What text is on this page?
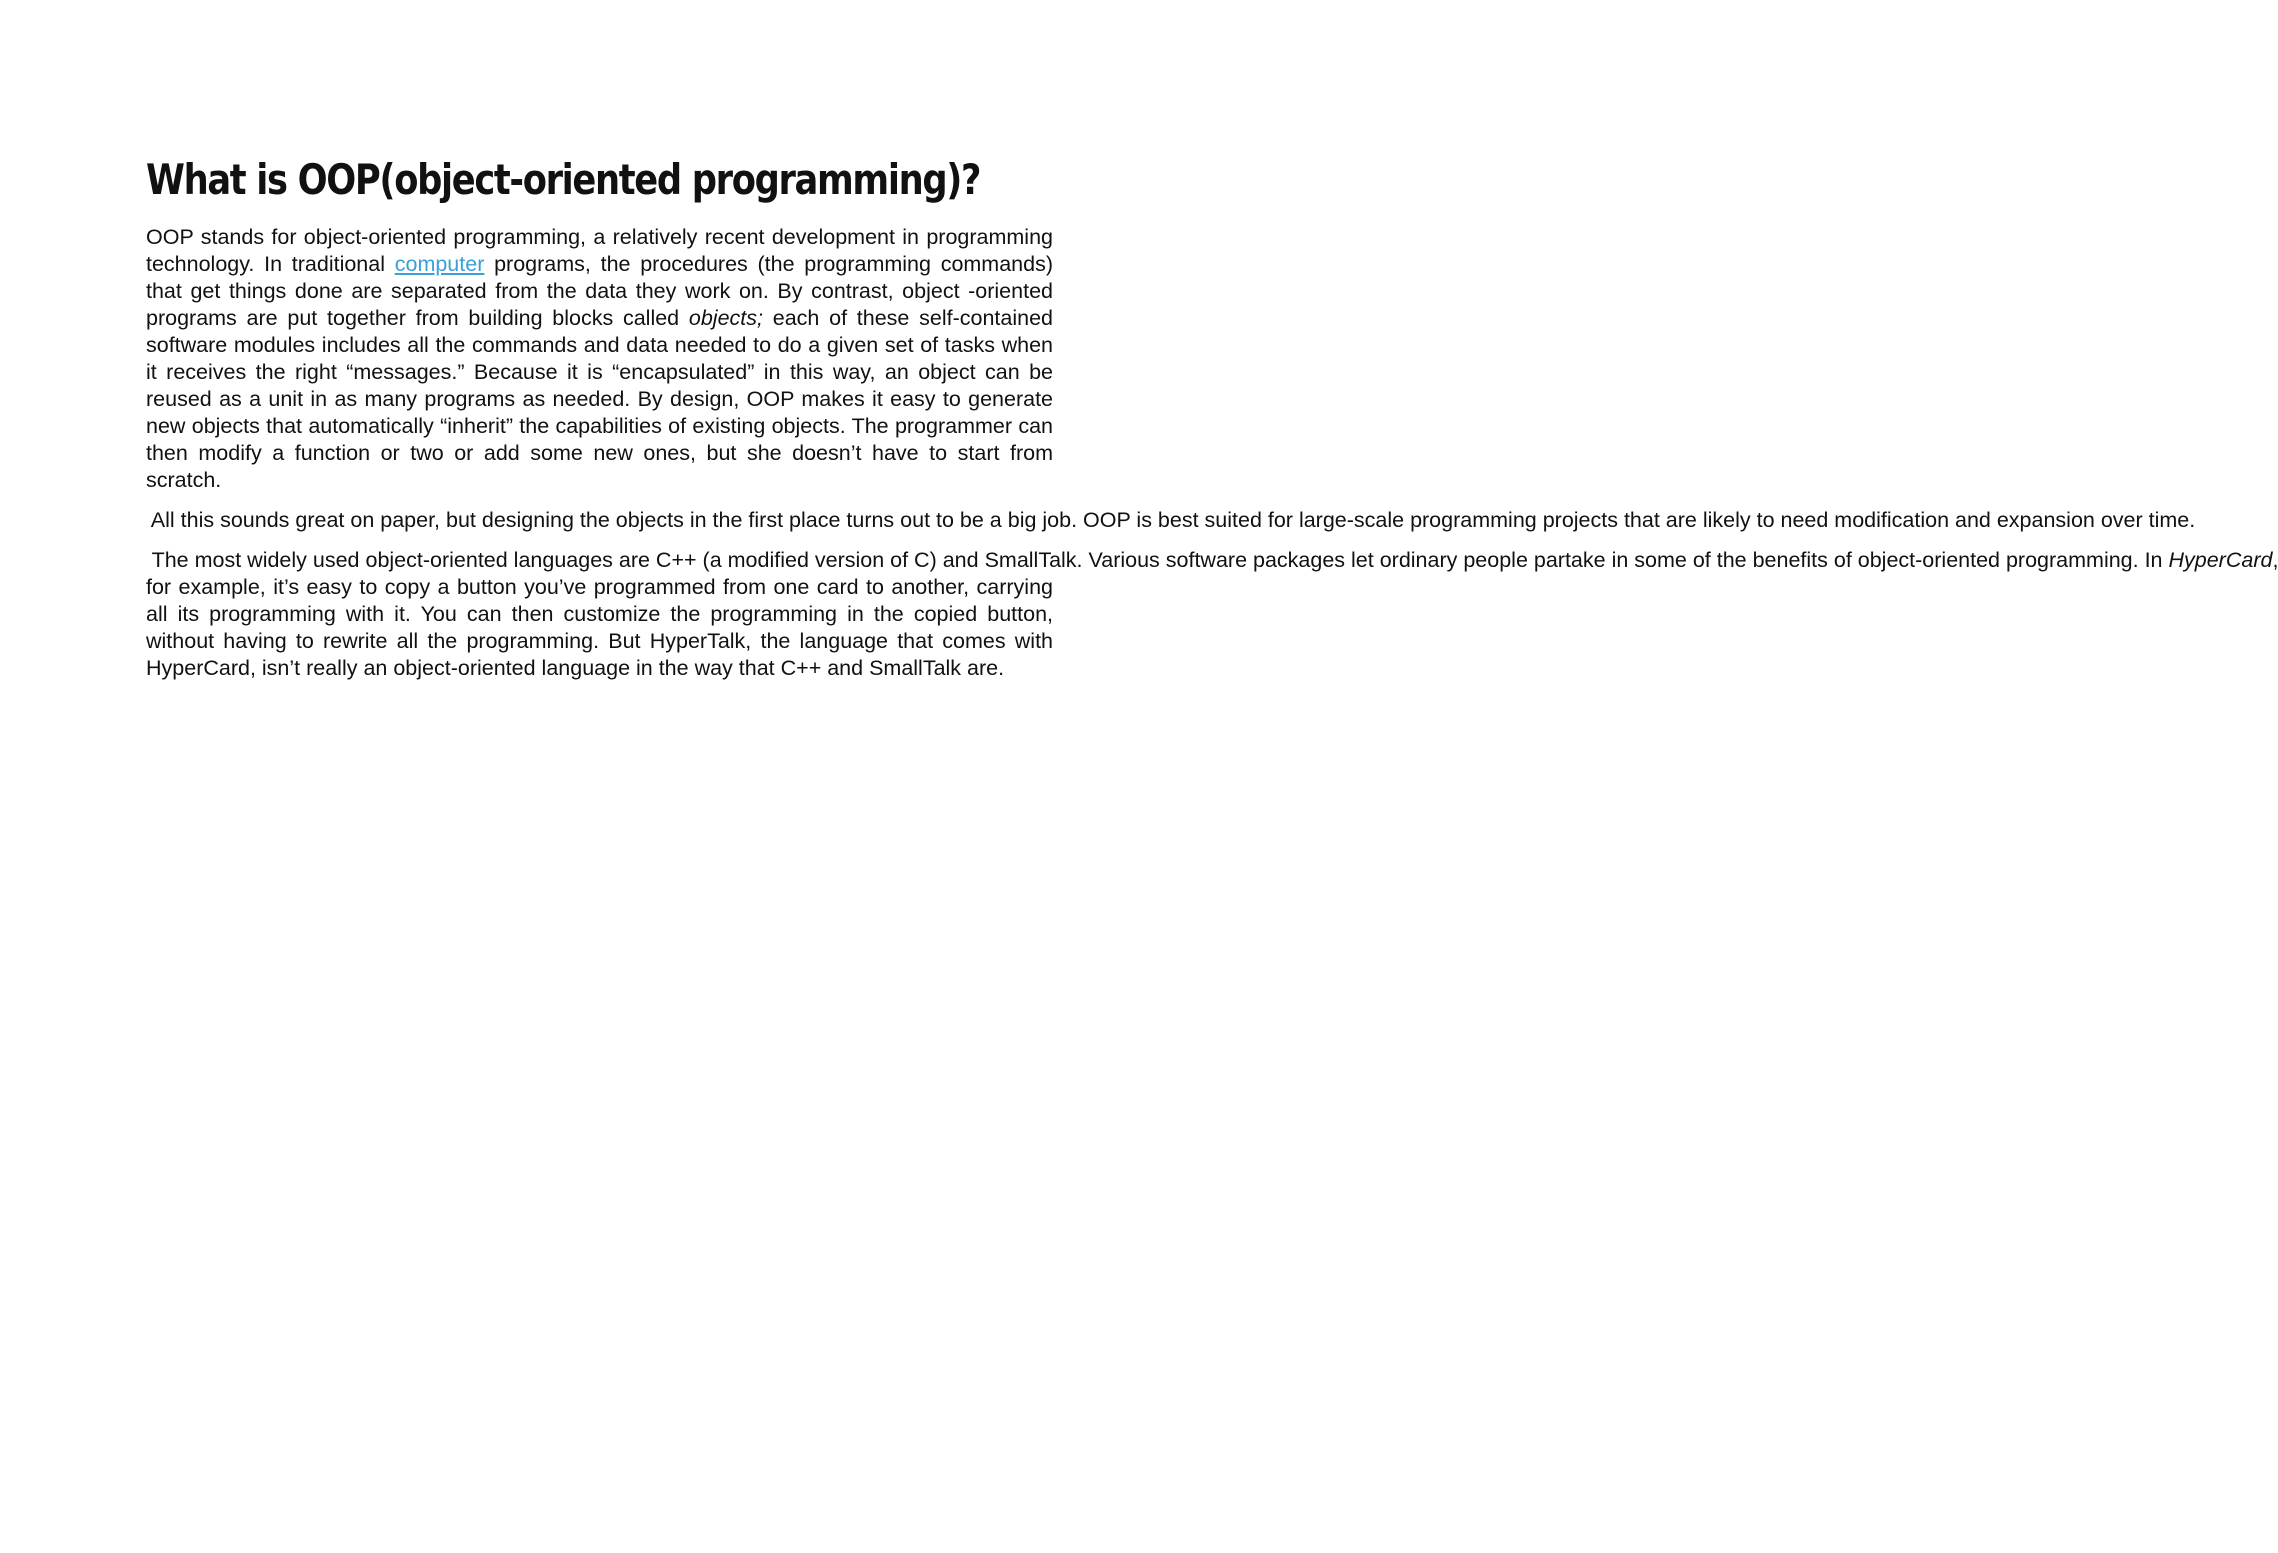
What is OOP(object-oriented programming)?

OOP stands for object-oriented programming, a relatively recent development in programming technology. In traditional computer programs, the procedures (the programming commands) that get things done are separated from the data they work on. By contrast, object -oriented programs are put together from building blocks called objects; each of these self-contained software modules includes all the commands and data needed to do a given set of tasks when it receives the right “messages.” Because it is “encapsulated” in this way, an object can be reused as a unit in as many programs as needed. By design, OOP makes it easy to generate new objects that automatically “inherit” the capabilities of existing objects. The programmer can then modify a function or two or add some new ones, but she doesn’t have to start from scratch.

All this sounds great on paper, but designing the objects in the first place turns out to be a big job. OOP is best suited for large-scale programming projects that are likely to need modification and expansion over time.

The most widely used object-oriented languages are C++ (a modified version of C) and SmallTalk. Various software packages let ordinary people partake in some of the benefits of object-oriented programming. In HyperCard, for example, it’s easy to copy a button you’ve programmed from one card to another, carrying all its programming with it. You can then customize the programming in the copied button, without having to rewrite all the programming. But HyperTalk, the language that comes with HyperCard, isn’t really an object-oriented language in the way that C++ and SmallTalk are.
